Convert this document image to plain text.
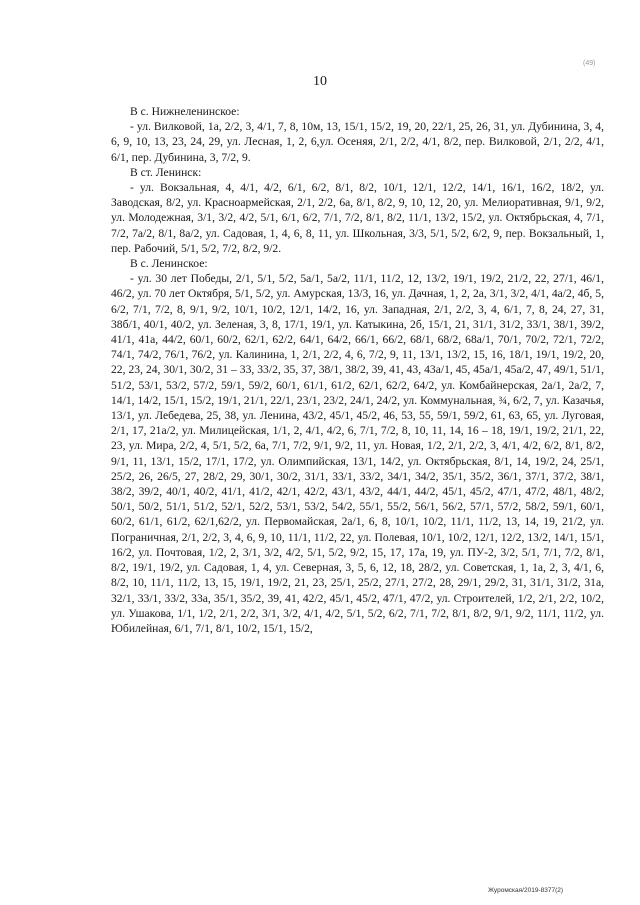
(49)
10

В с. Нижнеленинское:

- ул. Вилковой, 1а, 2/2, 3, 4/1, 7, 8, 10м, 13, 15/1, 15/2, 19, 20, 22/1, 25, 26, 31, ул. Дубинина, 3, 4, 6, 9, 10, 13, 23, 24, 29, ул. Лесная, 1, 2, 6,ул. Осеняя, 2/1, 2/2, 4/1, 8/2, пер. Вилковой, 2/1, 2/2, 4/1, 6/1, пер. Дубинина, 3, 7/2, 9.

В ст. Ленинск:

- ул. Вокзальная, 4, 4/1, 4/2, 6/1, 6/2, 8/1, 8/2, 10/1, 12/1, 12/2, 14/1, 16/1, 16/2, 18/2, ул. Заводская, 8/2, ул. Красноармейская, 2/1, 2/2, 6а, 8/1, 8/2, 9, 10, 12, 20, ул. Мелиоративная, 9/1, 9/2, ул. Молодежная, 3/1, 3/2, 4/2, 5/1, 6/1, 6/2, 7/1, 7/2, 8/1, 8/2, 11/1, 13/2, 15/2, ул. Октябрьская, 4, 7/1, 7/2, 7а/2, 8/1, 8а/2, ул. Садовая, 1, 4, 6, 8, 11, ул. Школьная, 3/3, 5/1, 5/2, 6/2, 9, пер. Вокзальный, 1, пер. Рабочий, 5/1, 5/2, 7/2, 8/2, 9/2.

В с. Ленинское:

- ул. 30 лет Победы, 2/1, 5/1, 5/2, 5а/1, 5а/2, 11/1, 11/2, 12, 13/2, 19/1, 19/2, 21/2, 22, 27/1, 46/1, 46/2, ул. 70 лет Октября, 5/1, 5/2, ул. Амурская, 13/3, 16, ул. Дачная, 1, 2, 2а, 3/1, 3/2, 4/1, 4а/2, 4б, 5, 6/2, 7/1, 7/2, 8, 9/1, 9/2, 10/1, 10/2, 12/1, 14/2, 16, ул. Западная, 2/1, 2/2, 3, 4, 6/1, 7, 8, 24, 27, 31, 38б/1, 40/1, 40/2, ул. Зеленая, 3, 8, 17/1, 19/1, ул. Катыкина, 2б, 15/1, 21, 31/1, 31/2, 33/1, 38/1, 39/2, 41/1, 41а, 44/2, 60/1, 60/2, 62/1, 62/2, 64/1, 64/2, 66/1, 66/2, 68/1, 68/2, 68а/1, 70/1, 70/2, 72/1, 72/2, 74/1, 74/2, 76/1, 76/2, ул. Калинина, 1, 2/1, 2/2, 4, 6, 7/2, 9, 11, 13/1, 13/2, 15, 16, 18/1, 19/1, 19/2, 20, 22, 23, 24, 30/1, 30/2, 31 – 33, 33/2, 35, 37, 38/1, 38/2, 39, 41, 43, 43а/1, 45, 45а/1, 45а/2, 47, 49/1, 51/1, 51/2, 53/1, 53/2, 57/2, 59/1, 59/2, 60/1, 61/1, 61/2, 62/1, 62/2, 64/2, ул. Комбайнерская, 2а/1, 2а/2, 7, 14/1, 14/2, 15/1, 15/2, 19/1, 21/1, 22/1, 23/1, 23/2, 24/1, 24/2, ул. Коммунальная, ¾, 6/2, 7, ул. Казачья, 13/1, ул. Лебедева, 25, 38, ул. Ленина, 43/2, 45/1, 45/2, 46, 53, 55, 59/1, 59/2, 61, 63, 65, ул. Луговая, 2/1, 17, 21а/2, ул. Милицейская, 1/1, 2, 4/1, 4/2, 6, 7/1, 7/2, 8, 10, 11, 14, 16 – 18, 19/1, 19/2, 21/1, 22, 23, ул. Мира, 2/2, 4, 5/1, 5/2, 6а, 7/1, 7/2, 9/1, 9/2, 11, ул. Новая, 1/2, 2/1, 2/2, 3, 4/1, 4/2, 6/2, 8/1, 8/2, 9/1, 11, 13/1, 15/2, 17/1, 17/2, ул. Олимпийская, 13/1, 14/2, ул. Октябрьская, 8/1, 14, 19/2, 24, 25/1, 25/2, 26, 26/5, 27, 28/2, 29, 30/1, 30/2, 31/1, 33/1, 33/2, 34/1, 34/2, 35/1, 35/2, 36/1, 37/1, 37/2, 38/1, 38/2, 39/2, 40/1, 40/2, 41/1, 41/2, 42/1, 42/2, 43/1, 43/2, 44/1, 44/2, 45/1, 45/2, 47/1, 47/2, 48/1, 48/2, 50/1, 50/2, 51/1, 51/2, 52/1, 52/2, 53/1, 53/2, 54/2, 55/1, 55/2, 56/1, 56/2, 57/1, 57/2, 58/2, 59/1, 60/1, 60/2, 61/1, 61/2, 62/1,62/2, ул. Первомайская, 2а/1, 6, 8, 10/1, 10/2, 11/1, 11/2, 13, 14, 19, 21/2, ул. Пограничная, 2/1, 2/2, 3, 4, 6, 9, 10, 11/1, 11/2, 22, ул. Полевая, 10/1, 10/2, 12/1, 12/2, 13/2, 14/1, 15/1, 16/2, ул. Почтовая, 1/2, 2, 3/1, 3/2, 4/2, 5/1, 5/2, 9/2, 15, 17, 17а, 19, ул. ПУ-2, 3/2, 5/1, 7/1, 7/2, 8/1, 8/2, 19/1, 19/2, ул. Садовая, 1, 4, ул. Северная, 3, 5, 6, 12, 18, 28/2, ул. Советская, 1, 1а, 2, 3, 4/1, 6, 8/2, 10, 11/1, 11/2, 13, 15, 19/1, 19/2, 21, 23, 25/1, 25/2, 27/1, 27/2, 28, 29/1, 29/2, 31, 31/1, 31/2, 31а, 32/1, 33/1, 33/2, 33а, 35/1, 35/2, 39, 41, 42/2, 45/1, 45/2, 47/1, 47/2, ул. Строителей, 1/2, 2/1, 2/2, 10/2, ул. Ушакова, 1/1, 1/2, 2/1, 2/2, 3/1, 3/2, 4/1, 4/2, 5/1, 5/2, 6/2, 7/1, 7/2, 8/1, 8/2, 9/1, 9/2, 11/1, 11/2, ул. Юбилейная, 6/1, 7/1, 8/1, 10/2, 15/1, 15/2,

Журомская/2019-8377(2)
